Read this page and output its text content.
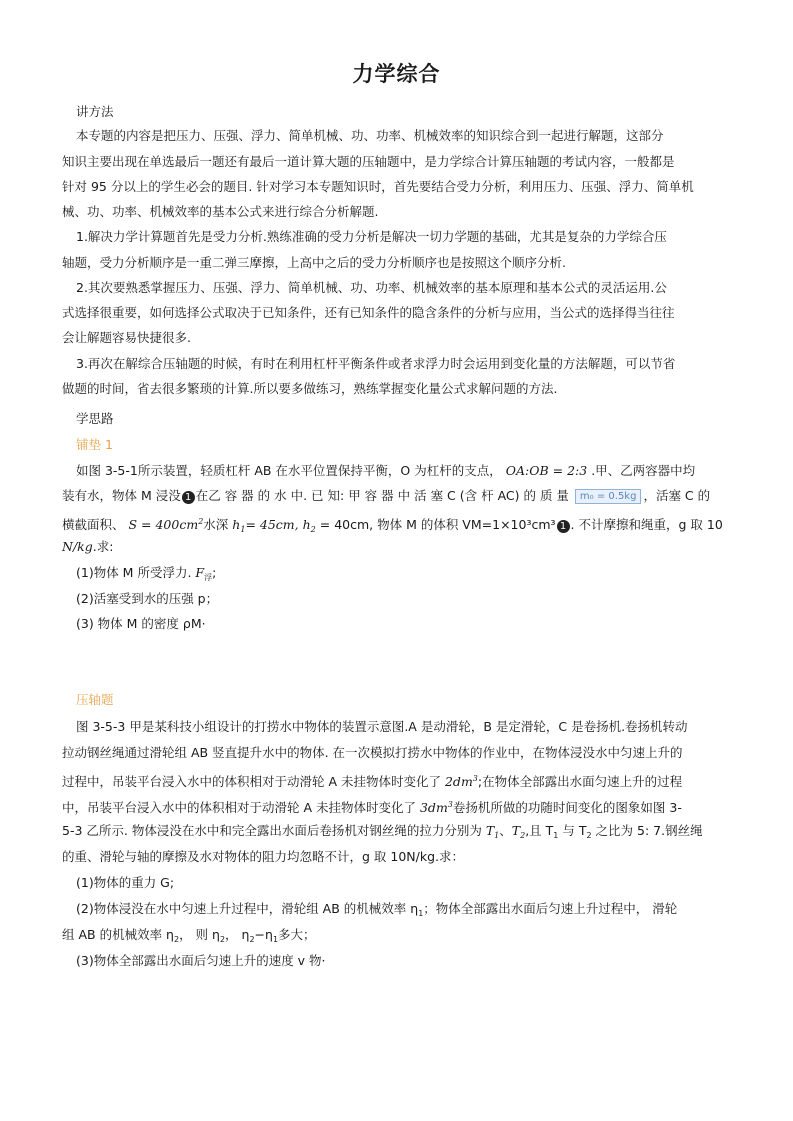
力学综合
讲方法
本专题的内容是把压力、压强、浮力、简单机械、功、功率、机械效率的知识综合到一起进行解题，这部分
知识主要出现在单选最后一题还有最后一道计算大题的压轴题中，是力学综合计算压轴题的考试内容，一般都是
针对 95 分以上的学生必会的题目. 针对学习本专题知识时，首先要结合受力分析，利用压力、压强、浮力、简单机
械、功、功率、机械效率的基本公式来进行综合分析解题.
1.解决力学计算题首先是受力分析.熟练准确的受力分析是解决一切力学题的基础，尤其是复杂的力学综合压
轴题，受力分析顺序是一重二弹三摩擦，上高中之后的受力分析顺序也是按照这个顺序分析.
2.其次要熟悉掌握压力、压强、浮力、简单机械、功、功率、机械效率的基本原理和基本公式的灵活运用.公
式选择很重要，如何选择公式取决于已知条件，还有已知条件的隐含条件的分析与应用，当公式的选择得当往往
会让解题容易快捷很多.
3.再次在解综合压轴题的时候，有时在利用杠杆平衡条件或者求浮力时会运用到变化量的方法解题，可以节省
做题的时间，省去很多繁琐的计算.所以要多做练习，熟练掌握变化量公式求解问题的方法.
学思路
铺垫 1
如图 3-5-1所示装置，轻质杠杆 AB 在水平位置保持平衡，O 为杠杆的支点， OA:OB = 2:3 .甲、乙两容器中均
装有水，物体 M 浸没 1 在乙 容 器 的 水 中. 已 知: 甲 容 器 中 活 塞 C (含 杆 AC) 的 质 量 m₀ = 0.5kg ，活塞 C 的
横截面积、 $S = 400cm^2$水深 $h_1= 45cm$, $h_2 = 40cm$, 物体 M 的体积 VM=1×10³cm³ 1 . 不计摩擦和绳重，g 取 10
N/kg.求:
(1)物体 M 所受浮力. $F_浮$;
(2)活塞受到水的压强 p；
(3) 物体 M 的密度 ρM·
压轴题
图 3-5-3 甲是某科技小组设计的打捞水中物体的装置示意图.A 是动滑轮，B 是定滑轮，C 是卷扬机.卷扬机转动
拉动钢丝绳通过滑轮组 AB 竖直提升水中的物体. 在一次模拟打捞水中物体的作业中，在物体浸没水中匀速上升的
过程中，吊装平台浸入水中的体积相对于动滑轮 A 未挂物体时变化了 $2dm^3$;在物体全部露出水面匀速上升的过程
中，吊装平台浸入水中的体积相对于动滑轮 A 未挂物体时变化了 $3dm^3$卷扬机所做的功随时间变化的图象如图 3-
5-3 乙所示. 物体浸没在水中和完全露出水面后卷扬机对钢丝绳的拉力分别为 $T_1$、$T_2$,且 $T_1$ 与 $T_2$ 之比为 5: 7.钢丝绳
的重、滑轮与轴的摩擦及水对物体的阻力均忽略不计，g 取 10N/kg.求：
(1)物体的重力 G;
(2)物体浸没在水中匀速上升过程中，滑轮组 AB 的机械效率 $\eta_1$；物体全部露出水面后匀速上升过程中， 滑轮
组 AB 的机械效率 $\eta_2$， 则 $\eta_2$， $\eta_2-\eta_1$多大；
(3)物体全部露出水面后匀速上升的速度 v 物·
